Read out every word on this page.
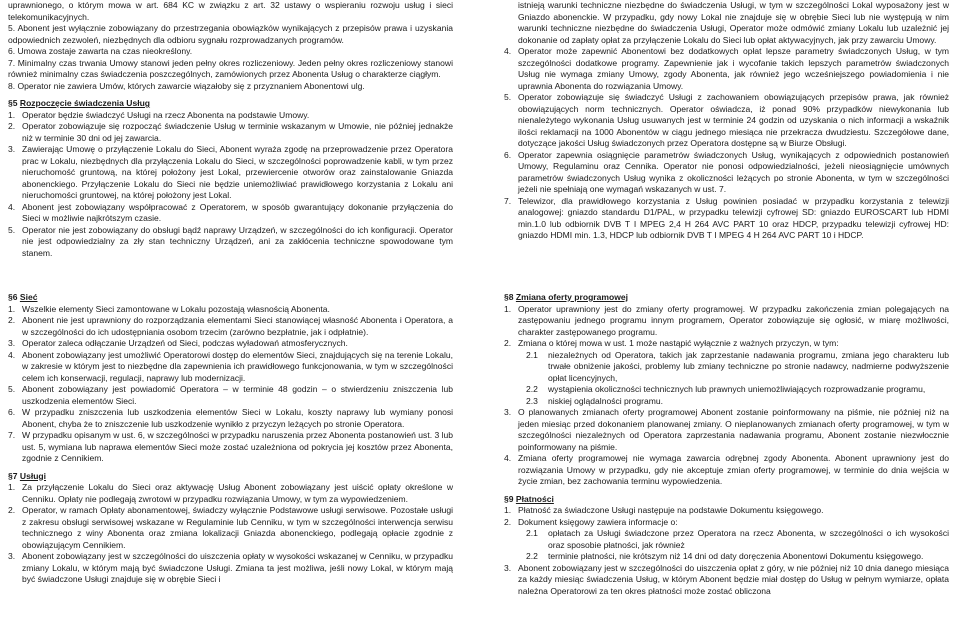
uprawnionego, o którym mowa w art. 684 KC w związku z art. 32 ustawy o wspieraniu rozwoju usług i sieci telekomunikacyjnych.

5. Abonent jest wyłącznie zobowiązany do przestrzegania obowiązków wynikających z przepisów prawa i uzyskania odpowiednich zezwoleń, niezbędnych dla odbioru sygnału rozprowadzanych programów.

6. Umowa zostaje zawarta na czas nieokreślony.

7. Minimalny czas trwania Umowy stanowi jeden pełny okres rozliczeniowy. Jeden pełny okres rozliczeniowy stanowi również minimalny czas świadczenia poszczególnych, zamówionych przez Abonenta Usług o charakterze ciągłym.

8. Operator nie zawiera Umów, których zawarcie wiązałoby się z przyznaniem Abonentowi ulg.

§5 Rozpoczęcie świadczenia Usług

1. Operator będzie świadczyć Usługi na rzecz Abonenta na podstawie Umowy.
2. Operator zobowiązuje się rozpocząć świadczenie Usług w terminie wskazanym w Umowie, nie później jednakże niż w terminie 30 dni od jej zawarcia.
3. Zawierając Umowę o przyłączenie Lokalu do Sieci, Abonent wyraża zgodę na przeprowadzenie przez Operatora prac w Lokalu, niezbędnych dla przyłączenia Lokalu do Sieci, w szczególności poprowadzenie kabli, w tym przez nieruchomość gruntową, na której położony jest Lokal, przewiercenie otworów oraz zainstalowanie Gniazda abonenckiego. Przyłączenie Lokalu do Sieci nie będzie uniemożliwiać prawidłowego korzystania z Lokalu ani nieruchomości gruntowej, na której położony jest Lokal.
4. Abonent jest zobowiązany współpracować z Operatorem, w sposób gwarantujący dokonanie przyłączenia do Sieci w możliwie najkrótszym czasie.
5. Operator nie jest zobowiązany do obsługi bądź naprawy Urządzeń, w szczególności do ich konfiguracji. Operator nie jest odpowiedzialny za zły stan techniczny Urządzeń, ani za zakłócenia techniczne spowodowane tym stanem.

istnieją warunki techniczne niezbędne do świadczenia Usługi, w tym w szczególności Lokal wyposażony jest w Gniazdo abonenckie. W przypadku, gdy nowy Lokal nie znajduje się w obrębie Sieci lub nie występują w nim warunki techniczne niezbędne do świadczenia Usługi, Operator może odmówić zmiany Lokalu lub uzależnić jej dokonanie od zapłaty opłat za przyłączenie Lokalu do Sieci lub opłat aktywacyjnych, jak przy zawarciu Umowy.

4. Operator może zapewnić Abonentowi bez dodatkowych opłat lepsze parametry świadczonych Usług, w tym szczególności dodatkowe programy. Zapewnienie jak i wycofanie takich lepszych parametrów świadczonych Usług nie wymaga zmiany Umowy, zgody Abonenta, jak również jego wcześniejszego powiadomienia i nie uprawnia Abonenta do rozwiązania Umowy.
5. Operator zobowiązuje się świadczyć Usługi z zachowaniem obowiązujących przepisów prawa, jak również obowiązujących norm technicznych. Operator oświadcza, iż ponad 90% przypadków niewykonania lub nienależytego wykonania Usług usuwanych jest w terminie 24 godzin od uzyskania o nich informacji a wskaźnik ilości reklamacji na 1000 Abonentów w ciągu jednego miesiąca nie przekracza dwudziestu. Szczegółowe dane, dotyczące jakości Usług świadczonych przez Operatora dostępne są w Biurze Obsługi.
6. Operator zapewnia osiągnięcie parametrów świadczonych Usług, wynikających z odpowiednich postanowień Umowy, Regulaminu oraz Cennika. Operator nie ponosi odpowiedzialności, jeżeli nieosiągnięcie umównych parametrów świadczonych Usług wynika z okoliczności leżących po stronie Abonenta, w tym w szczególności jeżeli nie spełniają one wymagań wskazanych w ust. 7.
7. Telewizor, dla prawidłowego korzystania z Usług powinien posiadać w przypadku korzystania z telewizji analogowej: gniazdo standardu D1/PAL, w przypadku telewizji cyfrowej SD: gniazdo EUROSCART lub HDMI min.1.0 lub odbiornik DVB T I MPEG 2,4 H 264 AVC PART 10 oraz HDCP, przypadku telewizji cyfrowej HD: gniazdo HDMI min. 1.3, HDCP lub odbiornik DVB T I MPEG 4 H 264 AVC PART 10 i HDCP.

§6 Sieć

1. Wszelkie elementy Sieci zamontowane w Lokalu pozostają własnością Abonenta.
2. Abonent nie jest uprawniony do rozporządzania elementami Sieci stanowiącej własność Abonenta i Operatora, a w szczególności do ich udostępniania osobom trzecim (zarówno bezpłatnie, jak i odpłatnie).
3. Operator zaleca odłączanie Urządzeń od Sieci, podczas wyładowań atmosferycznych.
4. Abonent zobowiązany jest umożliwić Operatorowi dostęp do elementów Sieci, znajdujących się na terenie Lokalu, w zakresie w którym jest to niezbędne dla zapewnienia ich prawidłowego funkcjonowania, w tym w szczególności celem ich konserwacji, regulacji, naprawy lub modernizacji.
5. Abonent zobowiązany jest powiadomić Operatora – w terminie 48 godzin – o stwierdzeniu zniszczenia lub uszkodzenia elementów Sieci.
6. W przypadku zniszczenia lub uszkodzenia elementów Sieci w Lokalu, koszty naprawy lub wymiany ponosi Abonent, chyba że to zniszczenie lub uszkodzenie wynikło z przyczyn leżących po stronie Operatora.
7. W przypadku opisanym w ust. 6, w szczególności w przypadku naruszenia przez Abonenta postanowień ust. 3 lub ust. 5, wymiana lub naprawa elementów Sieci może zostać uzależniona od pokrycia jej kosztów przez Abonenta, zgodnie z Cennikiem.

§7 Usługi

1. Za przyłączenie Lokalu do Sieci oraz aktywację Usług Abonent zobowiązany jest uiścić opłaty określone w Cenniku. Opłaty nie podlegają zwrotowi w przypadku rozwiązania Umowy, w tym za wypowiedzeniem.
2. Operator, w ramach Opłaty abonamentowej, świadczy wyłącznie Podstawowe usługi serwisowe. Pozostałe usługi z zakresu obsługi serwisowej wskazane w Regulaminie lub Cenniku, w tym w szczególności interwencja serwisu technicznego z winy Abonenta oraz zmiana lokalizacji Gniazda abonenckiego, podlegają opłacie zgodnie z obowiązującym Cennikiem.
3. Abonent zobowiązany jest w szczególności do uiszczenia opłaty w wysokości wskazanej w Cenniku, w przypadku zmiany Lokalu, w którym mają być świadczone Usługi. Zmiana ta jest możliwa, jeśli nowy Lokal, w którym mają być świadczone Usługi znajduje się w obrębie Sieci i

§8 Zmiana oferty programowej

1. Operator uprawniony jest do zmiany oferty programowej. W przypadku zakończenia zmian polegających na zastępowaniu jednego programu innym programem, Operator zobowiązuje się ogłosić, w miarę możliwości, charakter zastępowanego programu.
2. Zmiana o której mowa w ust. 1 może nastąpić wyłącznie z ważnych przyczyn, w tym:
2.1	niezależnych od Operatora, takich jak zaprzestanie nadawania programu, zmiana jego charakteru lub trwałe obniżenie jakości, problemy lub zmiany techniczne po stronie nadawcy, nadmierne podwyższenie opłat licencyjnych,
2.2	wystąpienia okoliczności technicznych lub prawnych uniemożliwiających rozprowadzanie programu,
2.3	niskiej oglądalności programu.
3. O planowanych zmianach oferty programowej Abonent zostanie poinformowany na piśmie, nie później niż na jeden miesiąc przed dokonaniem planowanej zmiany. O nieplanowanych zmianach oferty programowej, w tym w szczególności niezależnych od Operatora zaprzestania nadawania programu, Abonent zostanie niezwłocznie poinformowany na piśmie.
4. Zmiana oferty programowej nie wymaga zawarcia odrębnej zgody Abonenta. Abonent uprawniony jest do rozwiązania Umowy w przypadku, gdy nie akceptuje zmian oferty programowej, w terminie do dnia wejścia w życie zmian, bez zachowania terminu wypowiedzenia.

§9 Płatności

1. Płatność za świadczone Usługi następuje na podstawie Dokumentu księgowego.
2. Dokument księgowy zawiera informacje o:
2.1	opłatach za Usługi świadczone przez Operatora na rzecz Abonenta, w szczególności o ich wysokości oraz sposobie płatności, jak również
2.2	terminie płatności, nie krótszym niż 14 dni od daty doręczenia Abonentowi Dokumentu księgowego.
3. Abonent zobowiązany jest w szczególności do uiszczenia opłat z góry, w nie później niż 10 dnia danego miesiąca za każdy miesiąc świadczenia Usług, w którym Abonent będzie miał dostęp do Usług w pełnym wymiarze, opłata należna Operatorowi za ten okres płatności może zostać obliczona
